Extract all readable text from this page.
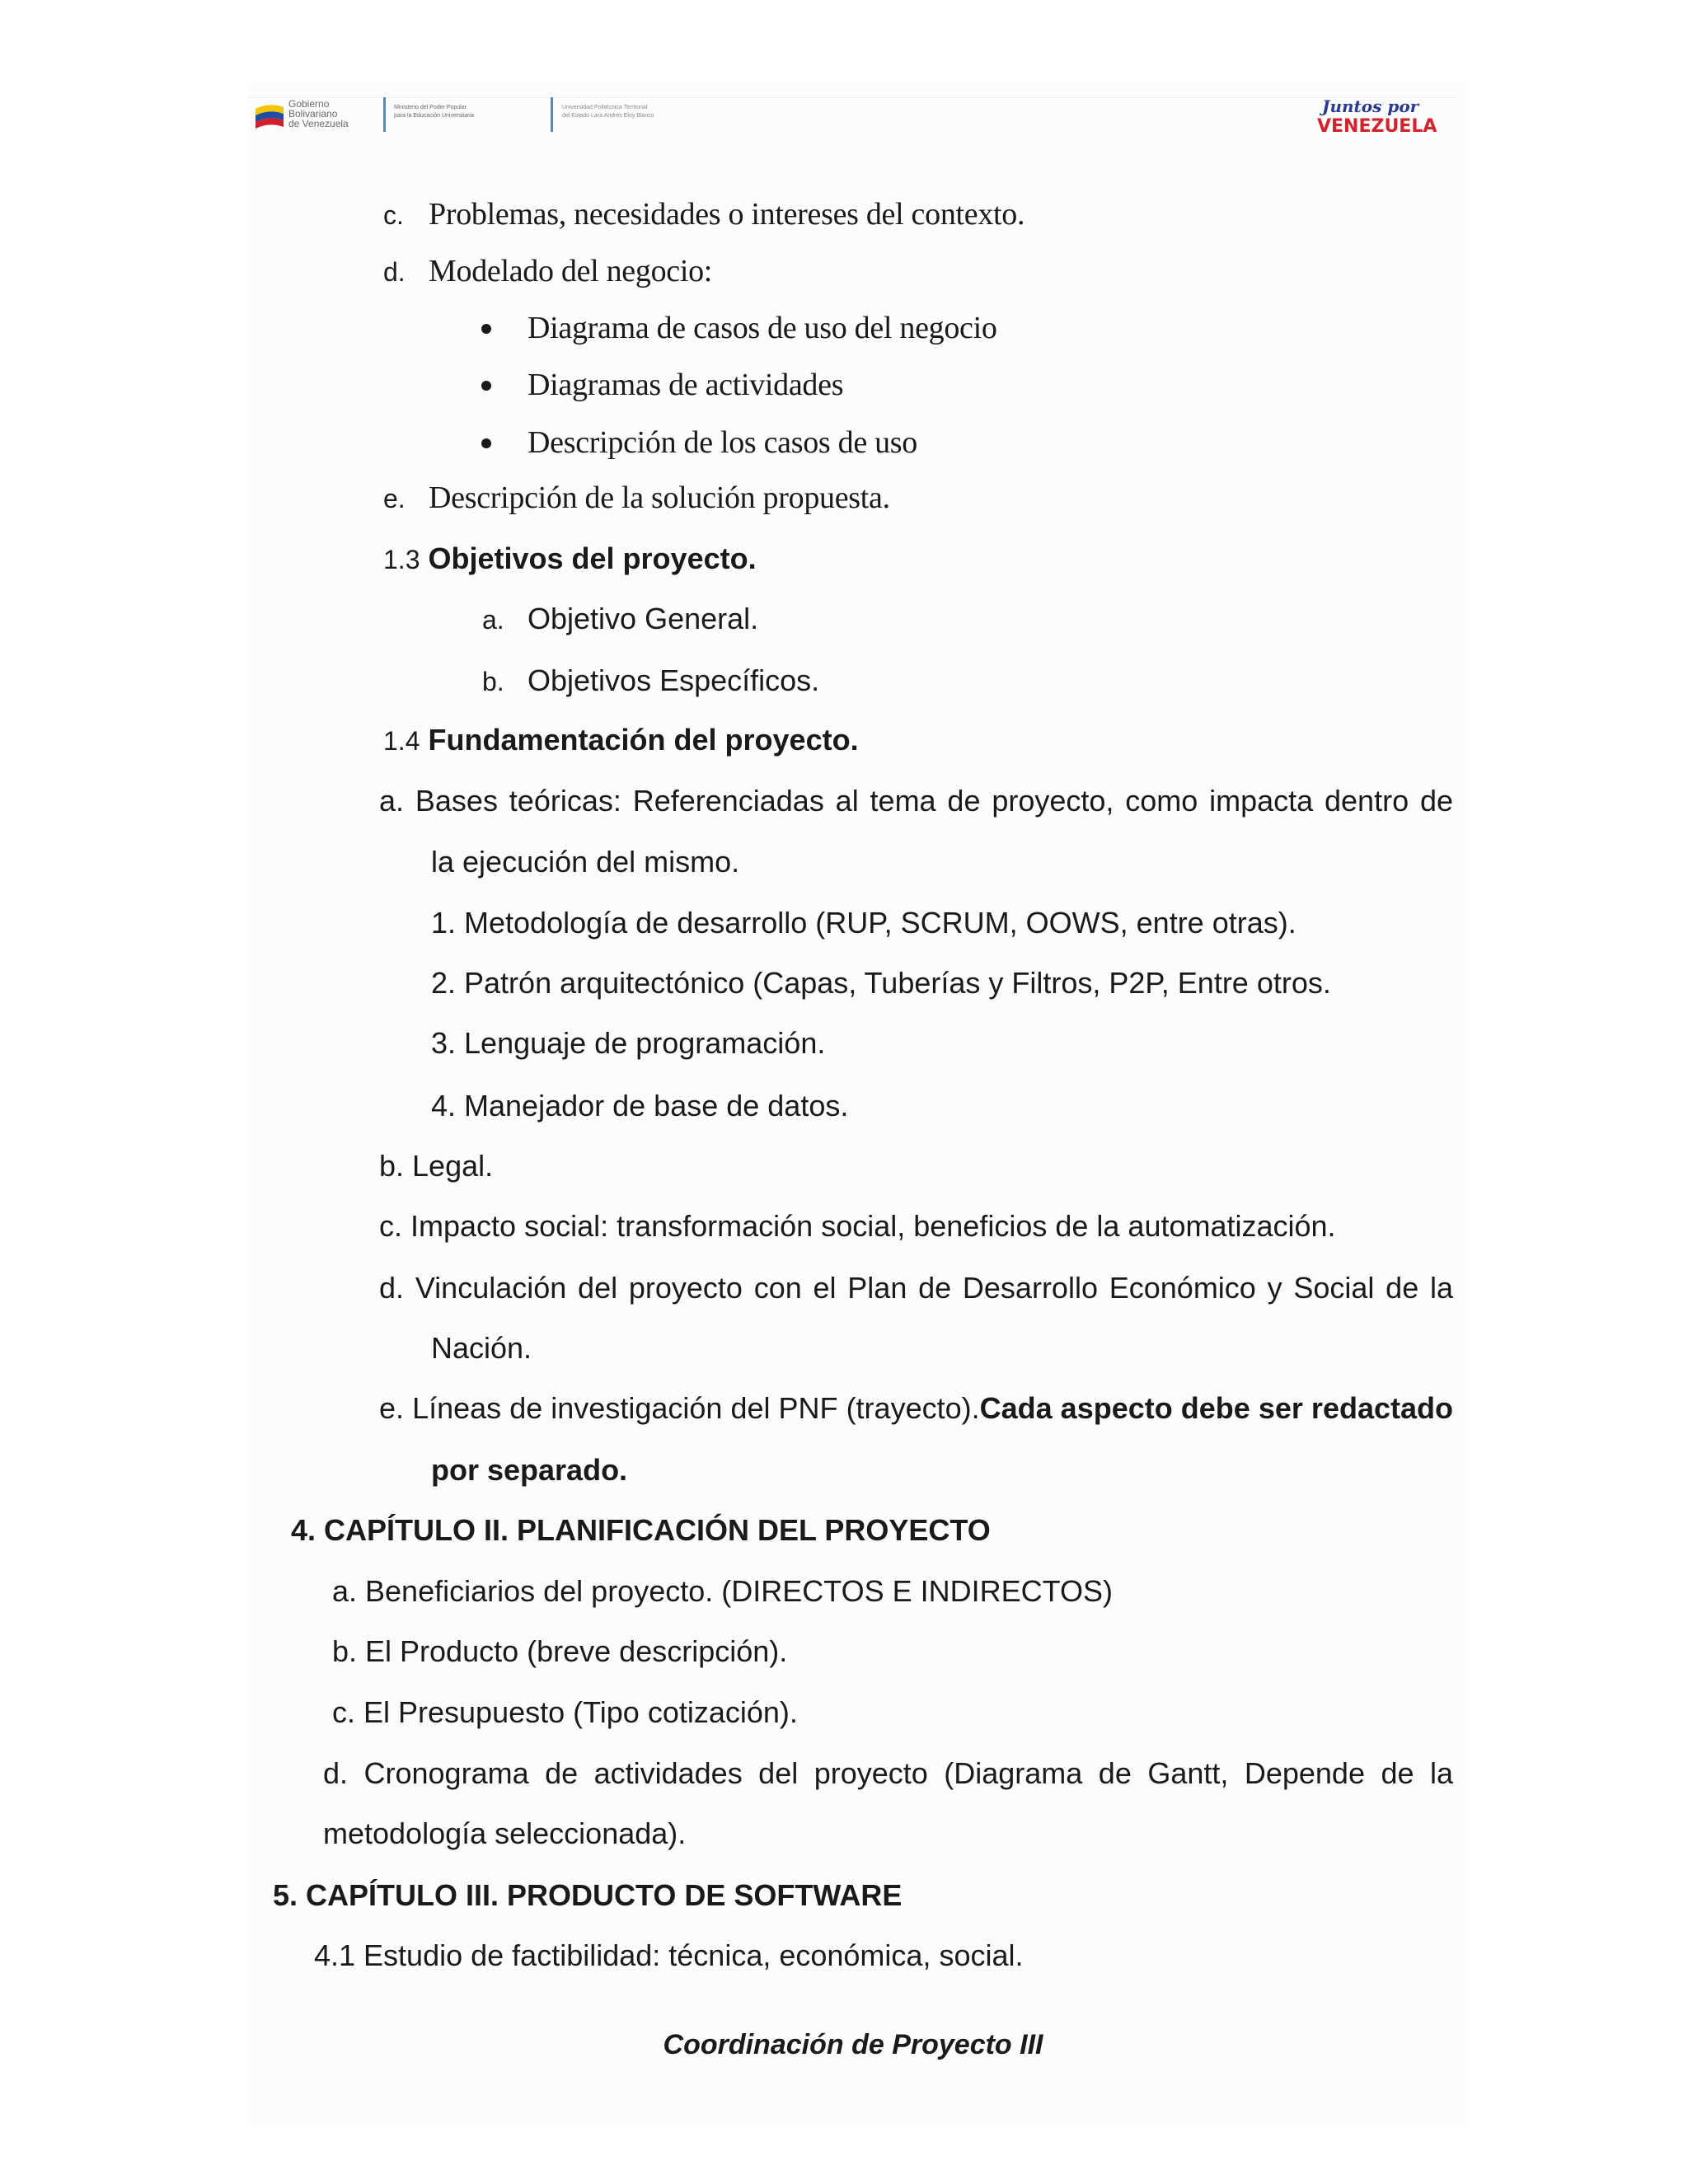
Gobierno
Bolivariano
de Venezuela
Ministerio del Poder Popular
para la Educación Universitaria
Universidad Politécnica Territorial
del Estado Lara Andrés Eloy Blanco	Juntos por
VENEZUELA
c. Problemas, necesidades o intereses del contexto.
d. Modelado del negocio:
Diagrama de casos de uso del negocio
Diagramas de actividades
Descripción de los casos de uso
e. Descripción de la solución propuesta.
1.3 Objetivos del proyecto.
a. Objetivo General.
b. Objetivos Específicos.
1.4 Fundamentación del proyecto.
a. Bases teóricas: Referenciadas al tema de proyecto, como impacta dentro de
la ejecución del mismo.
1. Metodología de desarrollo (RUP, SCRUM, OOWS, entre otras).
2. Patrón arquitectónico (Capas, Tuberías y Filtros, P2P, Entre otros.
3. Lenguaje de programación.
4. Manejador de base de datos.
b. Legal.
c. Impacto social: transformación social, beneficios de la automatización.
d. Vinculación del proyecto con el Plan de Desarrollo Económico y Social de la
Nación.
e. Líneas de investigación del PNF (trayecto).Cada aspecto debe ser redactado
por separado.
4. CAPÍTULO II. PLANIFICACIÓN DEL PROYECTO
a. Beneficiarios del proyecto. (DIRECTOS E INDIRECTOS)
b. El Producto (breve descripción).
c. El Presupuesto (Tipo cotización).
d. Cronograma de actividades del proyecto (Diagrama de Gantt, Depende de la
metodología seleccionada).
5. CAPÍTULO III. PRODUCTO DE SOFTWARE
4.1 Estudio de factibilidad: técnica, económica, social.
Coordinación de Proyecto III
